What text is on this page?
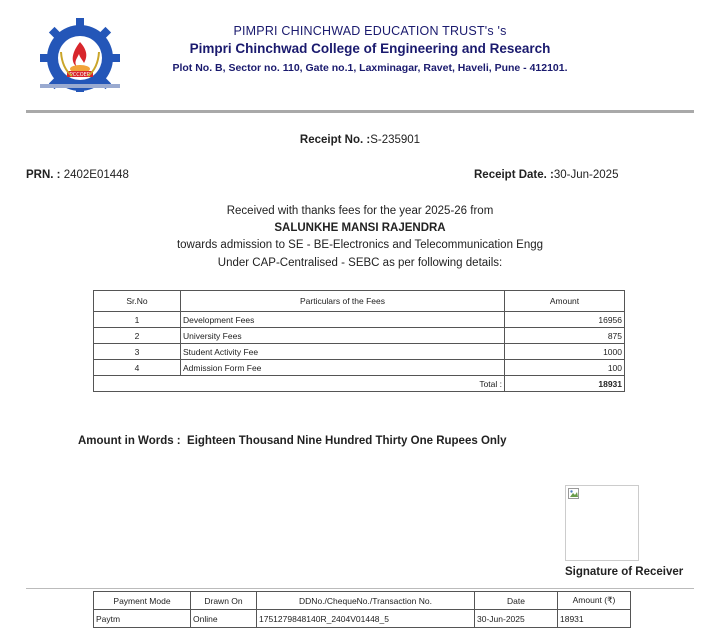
PCCOER
PIMPRI CHINCHWAD EDUCATION TRUST's 's
Pimpri Chinchwad College of Engineering and Research
Plot No. B, Sector no. 110, Gate no.1, Laxminagar, Ravet, Haveli, Pune - 412101.
Receipt No. :S-235901
PRN. : 2402E01448	Receipt Date. :30-Jun-2025
Received with thanks fees for the year 2025-26 from
SALUNKHE MANSI RAJENDRA
towards admission to SE - BE-Electronics and Telecommunication Engg
Under CAP-Centralised - SEBC as per following details:
Sr.No	Particulars of the Fees	Amount
1	Development Fees	16956
2	University Fees	875
3	Student Activity Fee	1000
4	Admission Form Fee	100
	Total :	18931
Amount in Words : Eighteen Thousand Nine Hundred Thirty One Rupees Only
Signature of Receiver
Payment Mode	Drawn On	DDNo./ChequeNo./Transaction No.	Date	Amount (₹)
Paytm	Online	1751279848140R_2404V01448_5	30-Jun-2025	18931
